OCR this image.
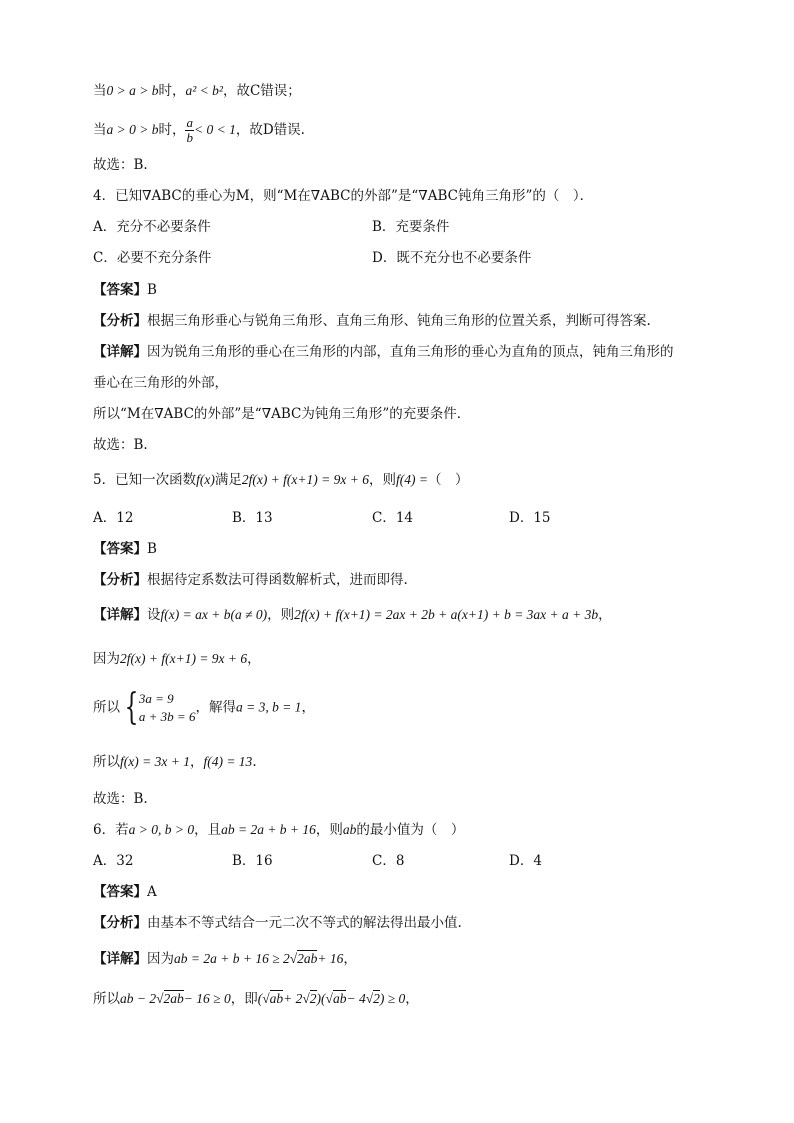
当0 > a > b时，a² < b²，故C错误；
当a > 0 > b时， $\frac{a}{b} < 0 < 1$，故D错误.
故选：B.
4．已知∇ABC的垂心为M，则“M在∇ABC的外部”是“∇ABC钝角三角形”的（　）．
A．充分不必要条件	B．充要条件
C．必要不充分条件	D．既不充分也不必要条件
【答案】B
【分析】根据三角形垂心与锐角三角形、直角三角形、钝角三角形的位置关系，判断可得答案.
【详解】因为锐角三角形的垂心在三角形的内部，直角三角形的垂心为直角的顶点，钝角三角形的
垂心在三角形的外部，
所以“M在∇ABC的外部”是“∇ABC为钝角三角形”的充要条件．
故选：B.
5．已知一次函数f(x)满足2f(x) + f(x+1) = 9x + 6，则f(4) =（　）
A．12	B．13	C．14	D．15
【答案】B
【分析】根据待定系数法可得函数解析式，进而即得.
【详解】设f(x) = ax + b(a ≠ 0)，则2f(x) + f(x+1) = 2ax + 2b + a(x+1) + b = 3ax + a + 3b，
因为2f(x) + f(x+1) = 9x + 6，
所以 { 3a = 9
a + 3b = 6
，解得a = 3, b = 1，
所以f(x) = 3x + 1，f(4) = 13.
故选：B.
6．若a > 0, b > 0，且ab = 2a + b + 16，则ab的最小值为（　）
A．32	B．16	C．8	D．4
【答案】A
【分析】由基本不等式结合一元二次不等式的解法得出最小值.
【详解】因为ab = 2a + b + 16 ≥ 2√2ab+ 16，
所以ab − 2√2ab− 16 ≥ 0，即(√ab+ 2√2)(√ab− 4√2) ≥ 0，
